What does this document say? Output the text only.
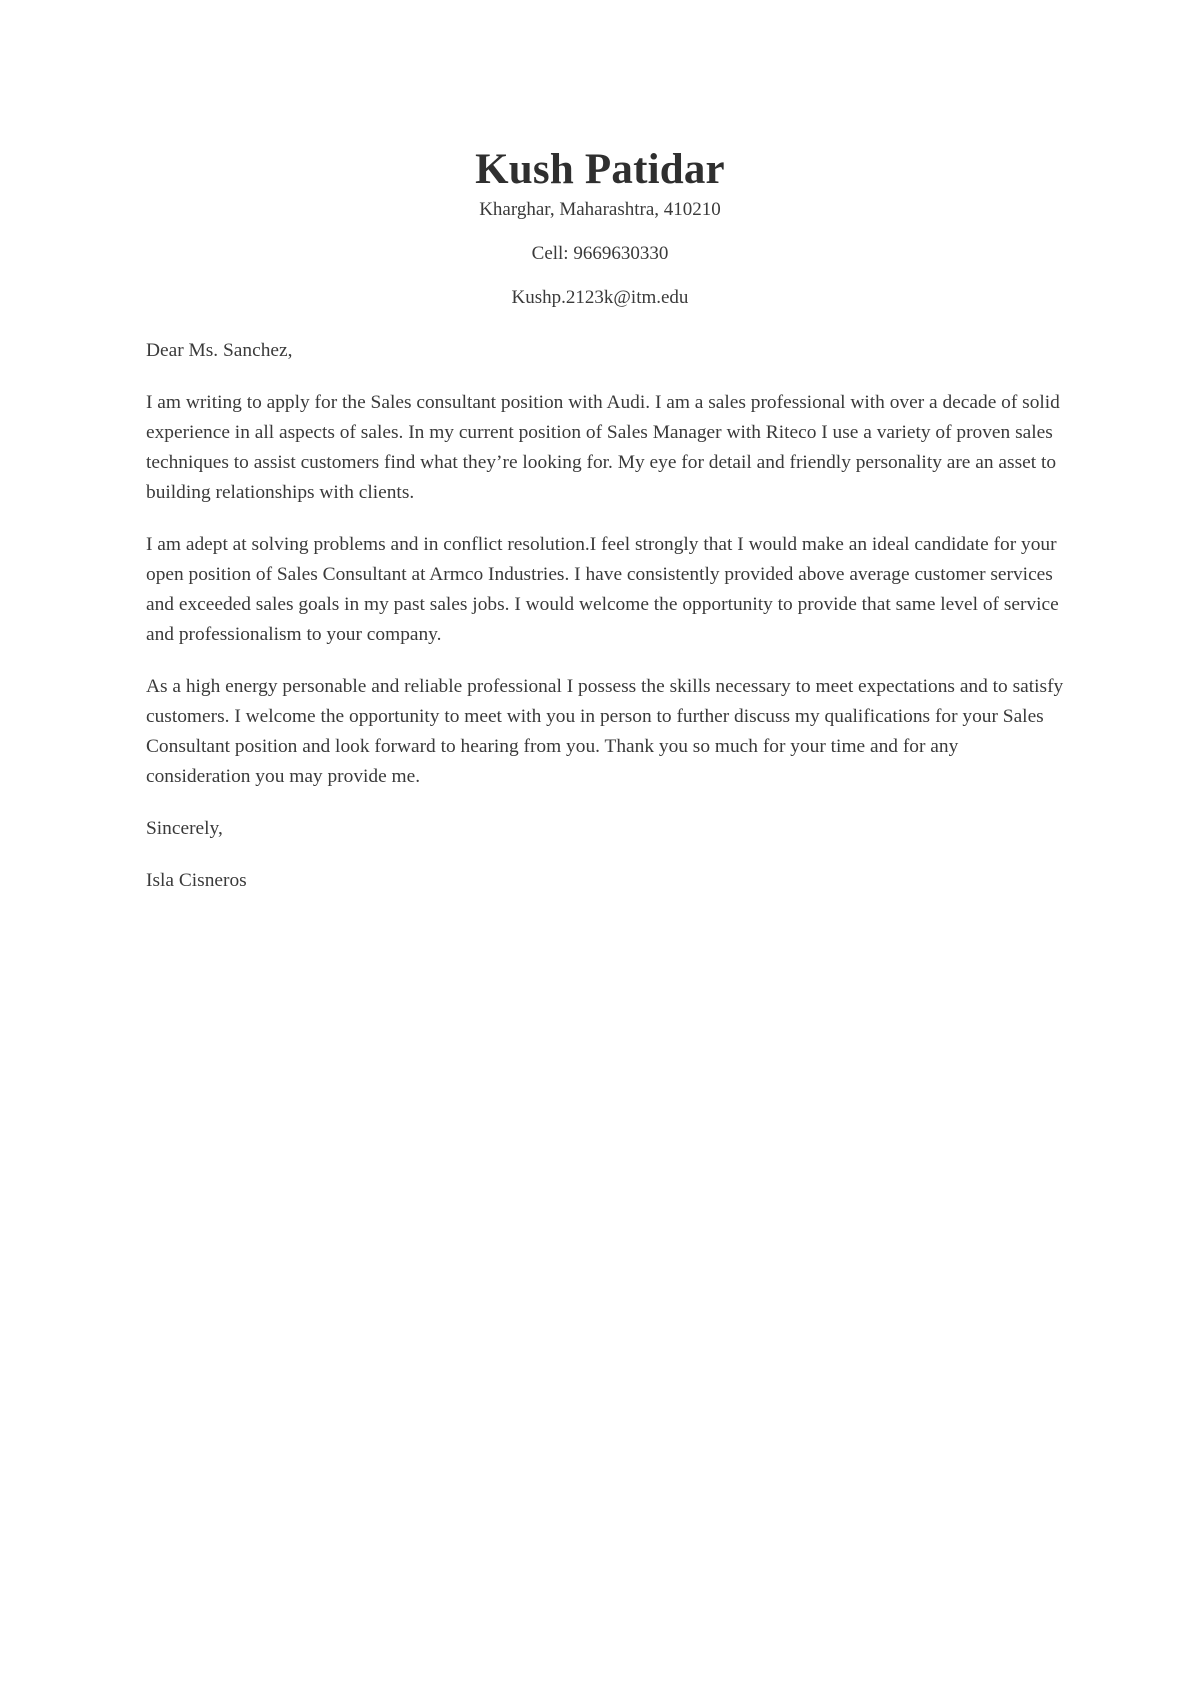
Kush Patidar

Kharghar, Maharashtra, 410210

Cell: 9669630330

Kushp.2123k@itm.edu

Dear Ms. Sanchez,

I am writing to apply for the Sales consultant position with Audi. I am a sales professional with over a decade of solid experience in all aspects of sales. In my current position of Sales Manager with Riteco I use a variety of proven sales techniques to assist customers find what they’re looking for. My eye for detail and friendly personality are an asset to building relationships with clients.

I am adept at solving problems and in conflict resolution.I feel strongly that I would make an ideal candidate for your open position of Sales Consultant at Armco Industries. I have consistently provided above average customer services and exceeded sales goals in my past sales jobs. I would welcome the opportunity to provide that same level of service and professionalism to your company.

As a high energy personable and reliable professional I possess the skills necessary to meet expectations and to satisfy customers. I welcome the opportunity to meet with you in person to further discuss my qualifications for your Sales Consultant position and look forward to hearing from you. Thank you so much for your time and for any consideration you may provide me.

Sincerely,

Isla Cisneros
